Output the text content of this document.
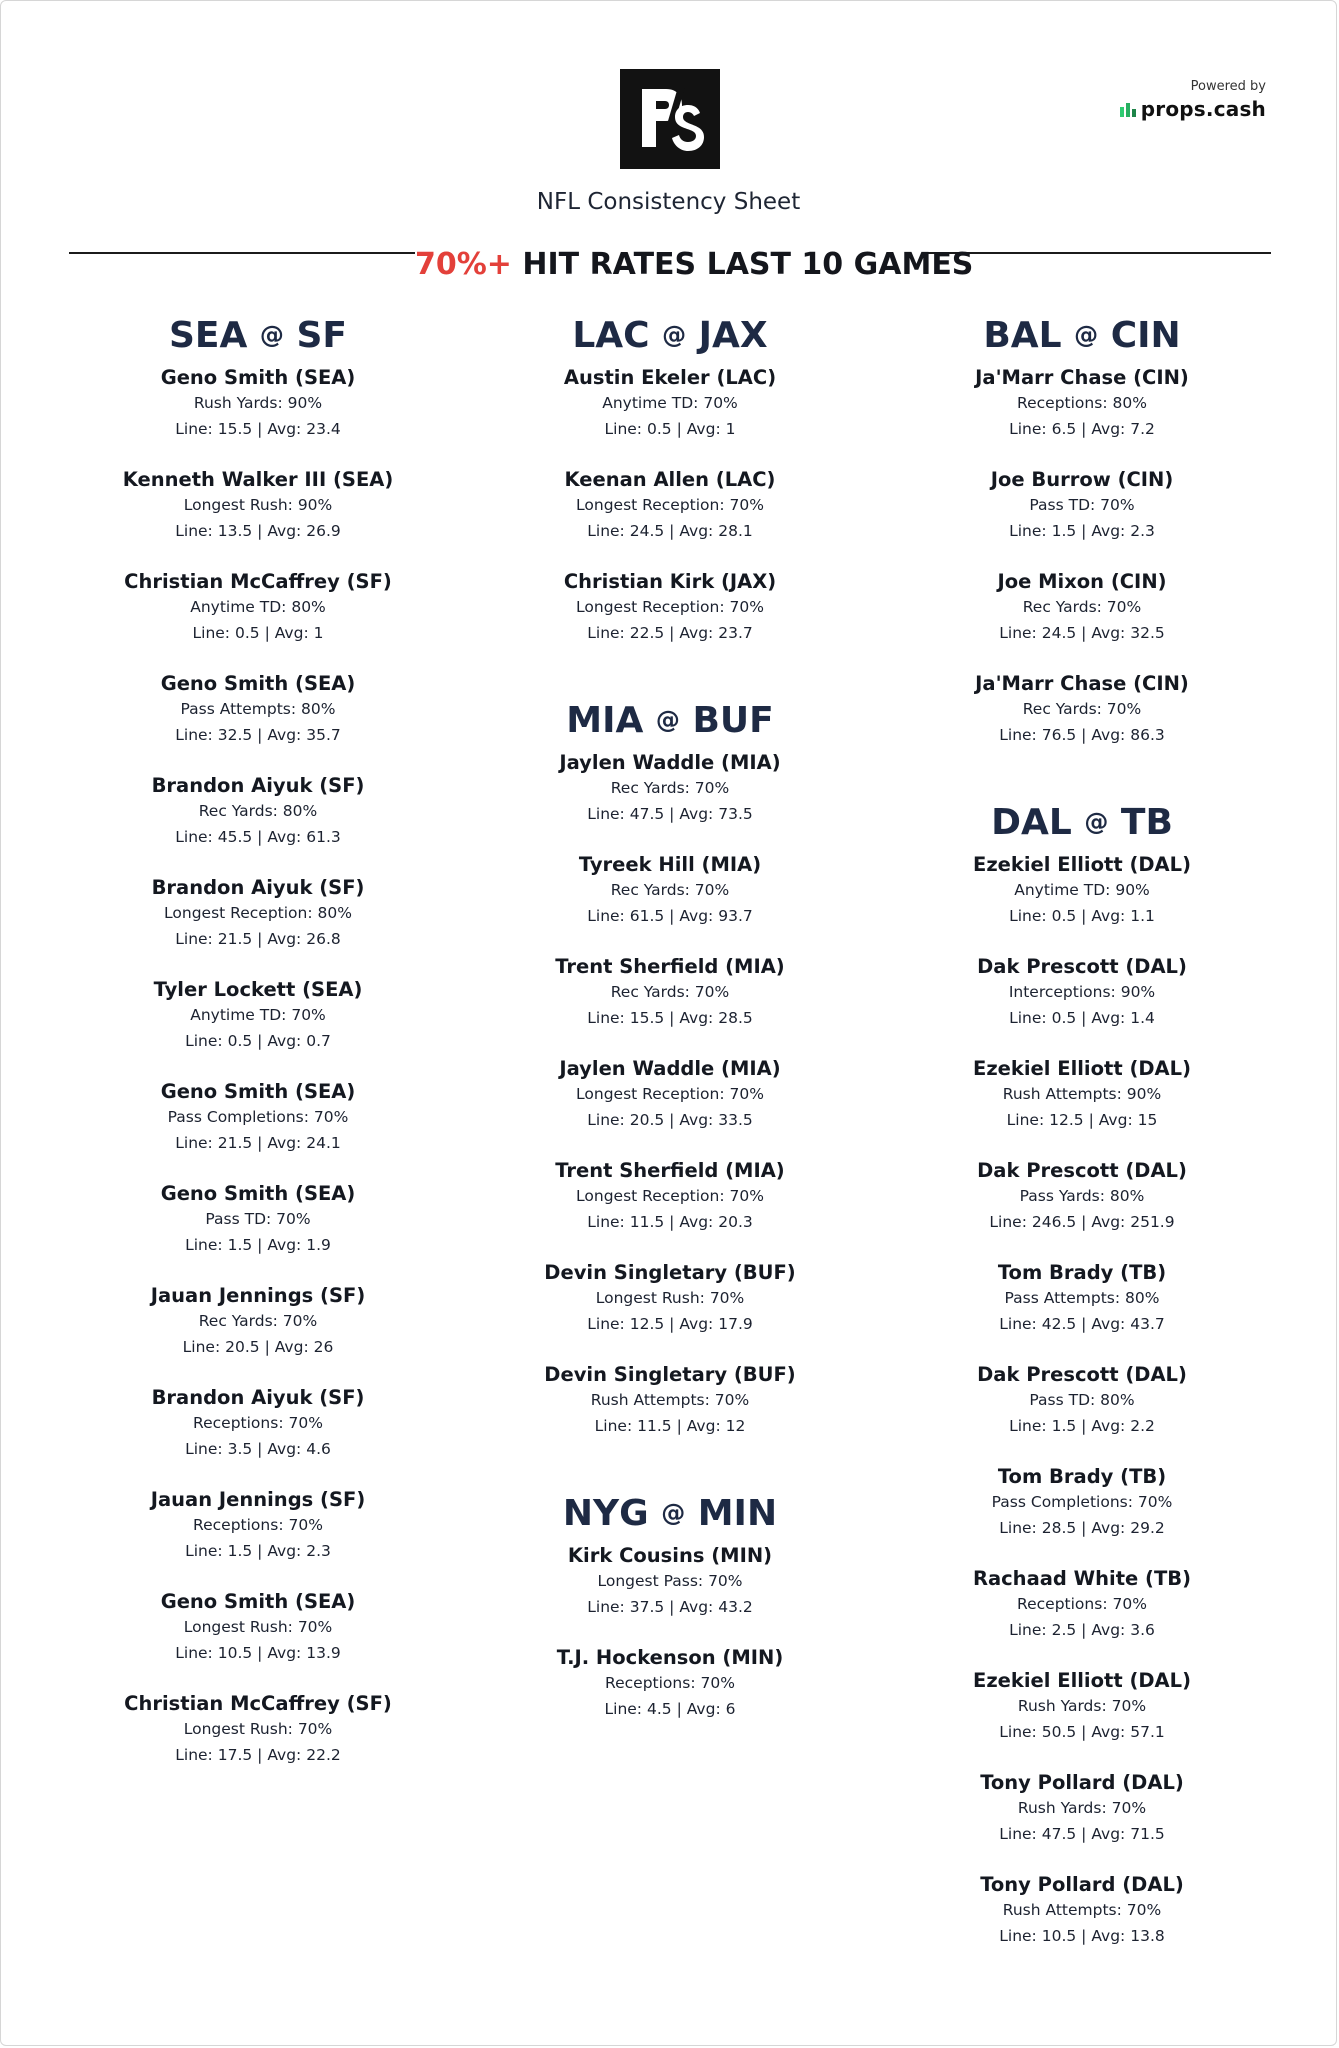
Powered by
props.cash
NFL Consistency Sheet
70%+ HIT RATES LAST 10 GAMES
SEA @ SF
Geno Smith (SEA)
Rush Yards: 90%
Line: 15.5 | Avg: 23.4
Kenneth Walker III (SEA)
Longest Rush: 90%
Line: 13.5 | Avg: 26.9
Christian McCaffrey (SF)
Anytime TD: 80%
Line: 0.5 | Avg: 1
Geno Smith (SEA)
Pass Attempts: 80%
Line: 32.5 | Avg: 35.7
Brandon Aiyuk (SF)
Rec Yards: 80%
Line: 45.5 | Avg: 61.3
Brandon Aiyuk (SF)
Longest Reception: 80%
Line: 21.5 | Avg: 26.8
Tyler Lockett (SEA)
Anytime TD: 70%
Line: 0.5 | Avg: 0.7
Geno Smith (SEA)
Pass Completions: 70%
Line: 21.5 | Avg: 24.1
Geno Smith (SEA)
Pass TD: 70%
Line: 1.5 | Avg: 1.9
Jauan Jennings (SF)
Rec Yards: 70%
Line: 20.5 | Avg: 26
Brandon Aiyuk (SF)
Receptions: 70%
Line: 3.5 | Avg: 4.6
Jauan Jennings (SF)
Receptions: 70%
Line: 1.5 | Avg: 2.3
Geno Smith (SEA)
Longest Rush: 70%
Line: 10.5 | Avg: 13.9
Christian McCaffrey (SF)
Longest Rush: 70%
Line: 17.5 | Avg: 22.2
LAC @ JAX
Austin Ekeler (LAC)
Anytime TD: 70%
Line: 0.5 | Avg: 1
Keenan Allen (LAC)
Longest Reception: 70%
Line: 24.5 | Avg: 28.1
Christian Kirk (JAX)
Longest Reception: 70%
Line: 22.5 | Avg: 23.7
MIA @ BUF
Jaylen Waddle (MIA)
Rec Yards: 70%
Line: 47.5 | Avg: 73.5
Tyreek Hill (MIA)
Rec Yards: 70%
Line: 61.5 | Avg: 93.7
Trent Sherfield (MIA)
Rec Yards: 70%
Line: 15.5 | Avg: 28.5
Jaylen Waddle (MIA)
Longest Reception: 70%
Line: 20.5 | Avg: 33.5
Trent Sherfield (MIA)
Longest Reception: 70%
Line: 11.5 | Avg: 20.3
Devin Singletary (BUF)
Longest Rush: 70%
Line: 12.5 | Avg: 17.9
Devin Singletary (BUF)
Rush Attempts: 70%
Line: 11.5 | Avg: 12
NYG @ MIN
Kirk Cousins (MIN)
Longest Pass: 70%
Line: 37.5 | Avg: 43.2
T.J. Hockenson (MIN)
Receptions: 70%
Line: 4.5 | Avg: 6
BAL @ CIN
Ja'Marr Chase (CIN)
Receptions: 80%
Line: 6.5 | Avg: 7.2
Joe Burrow (CIN)
Pass TD: 70%
Line: 1.5 | Avg: 2.3
Joe Mixon (CIN)
Rec Yards: 70%
Line: 24.5 | Avg: 32.5
Ja'Marr Chase (CIN)
Rec Yards: 70%
Line: 76.5 | Avg: 86.3
DAL @ TB
Ezekiel Elliott (DAL)
Anytime TD: 90%
Line: 0.5 | Avg: 1.1
Dak Prescott (DAL)
Interceptions: 90%
Line: 0.5 | Avg: 1.4
Ezekiel Elliott (DAL)
Rush Attempts: 90%
Line: 12.5 | Avg: 15
Dak Prescott (DAL)
Pass Yards: 80%
Line: 246.5 | Avg: 251.9
Tom Brady (TB)
Pass Attempts: 80%
Line: 42.5 | Avg: 43.7
Dak Prescott (DAL)
Pass TD: 80%
Line: 1.5 | Avg: 2.2
Tom Brady (TB)
Pass Completions: 70%
Line: 28.5 | Avg: 29.2
Rachaad White (TB)
Receptions: 70%
Line: 2.5 | Avg: 3.6
Ezekiel Elliott (DAL)
Rush Yards: 70%
Line: 50.5 | Avg: 57.1
Tony Pollard (DAL)
Rush Yards: 70%
Line: 47.5 | Avg: 71.5
Tony Pollard (DAL)
Rush Attempts: 70%
Line: 10.5 | Avg: 13.8
